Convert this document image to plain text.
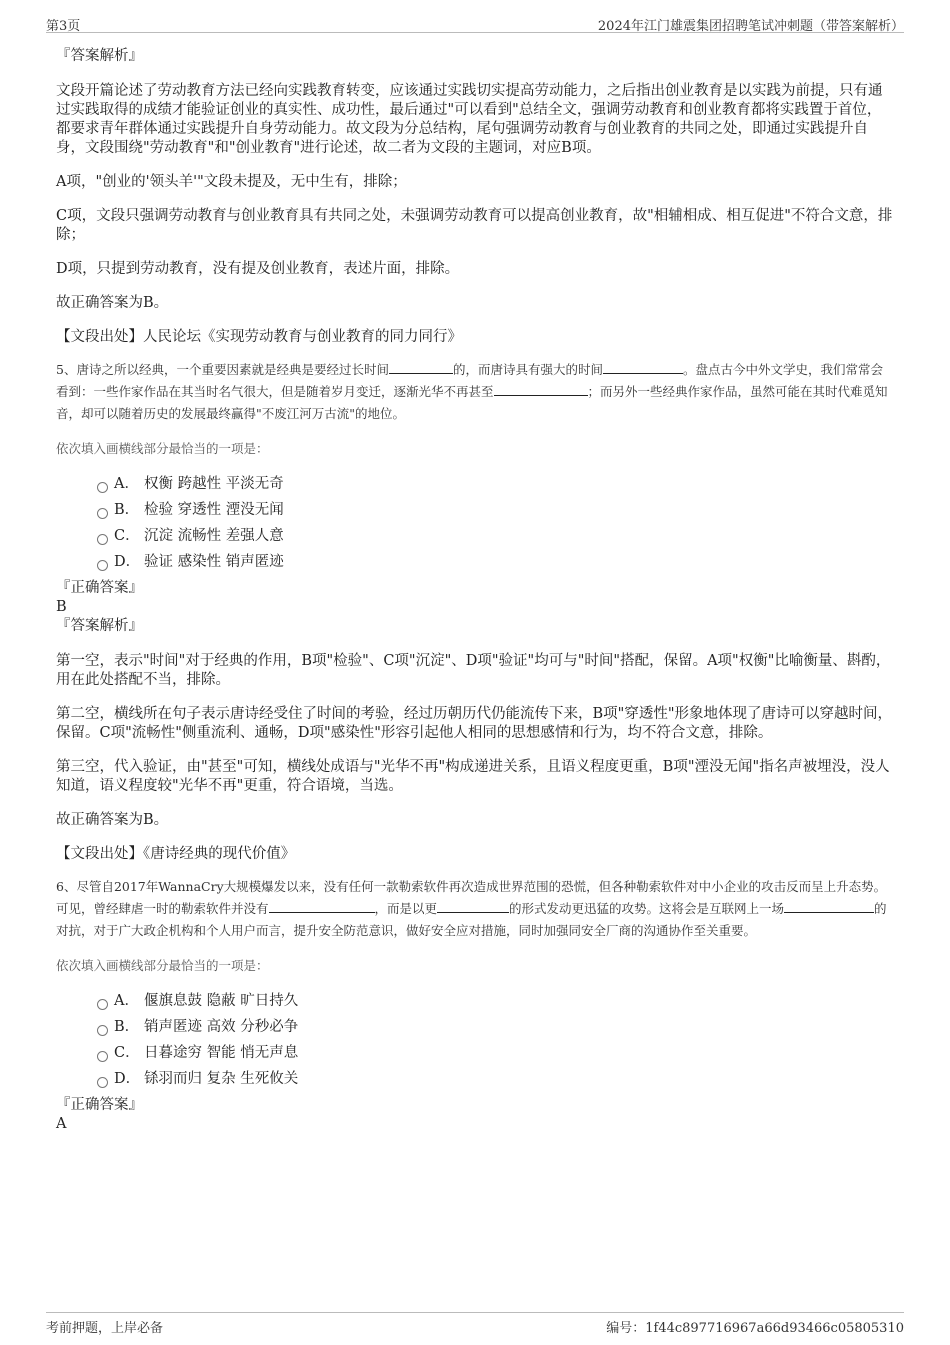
第3页	2024年江门雄震集团招聘笔试冲刺题（带答案解析）

『答案解析』

文段开篇论述了劳动教育方法已经向实践教育转变，应该通过实践切实提高劳动能力，之后指出创业教育是以实践为前提，只有通过实践取得的成绩才能验证创业的真实性、成功性，最后通过"可以看到"总结全文，强调劳动教育和创业教育都将实践置于首位，都要求青年群体通过实践提升自身劳动能力。故文段为分总结构，尾句强调劳动教育与创业教育的共同之处，即通过实践提升自身，文段围绕"劳动教育"和"创业教育"进行论述，故二者为文段的主题词，对应B项。

A项，"创业的'领头羊'"文段未提及，无中生有，排除；

C项，文段只强调劳动教育与创业教育具有共同之处，未强调劳动教育可以提高创业教育，故"相辅相成、相互促进"不符合文意，排除；

D项，只提到劳动教育，没有提及创业教育，表述片面，排除。

故正确答案为B。

【文段出处】人民论坛《实现劳动教育与创业教育的同力同行》

5、唐诗之所以经典，一个重要因素就是经典是要经过长时间	的，而唐诗具有强大的时间	。盘点古今中外文学史，我们常常会看到：一些作家作品在其当时名气很大，但是随着岁月变迁，逐渐光华不再甚至	；而另外一些经典作家作品，虽然可能在其时代难觅知音，却可以随着历史的发展最终赢得"不废江河万古流"的地位。

依次填入画横线部分最恰当的一项是：

A． 权衡 跨越性 平淡无奇
B． 检验 穿透性 湮没无闻
C． 沉淀 流畅性 差强人意
D． 验证 感染性 销声匿迹

『正确答案』

B

『答案解析』

第一空，表示"时间"对于经典的作用，B项"检验"、C项"沉淀"、D项"验证"均可与"时间"搭配，保留。A项"权衡"比喻衡量、斟酌，用在此处搭配不当，排除。

第二空，横线所在句子表示唐诗经受住了时间的考验，经过历朝历代仍能流传下来，B项"穿透性"形象地体现了唐诗可以穿越时间，保留。C项"流畅性"侧重流利、通畅，D项"感染性"形容引起他人相同的思想感情和行为，均不符合文意，排除。

第三空，代入验证，由"甚至"可知，横线处成语与"光华不再"构成递进关系，且语义程度更重，B项"湮没无闻"指名声被埋没，没人知道，语义程度较"光华不再"更重，符合语境，当选。

故正确答案为B。

【文段出处】《唐诗经典的现代价值》

6、尽管自2017年WannaCry大规模爆发以来，没有任何一款勒索软件再次造成世界范围的恐慌，但各种勒索软件对中小企业的攻击反而呈上升态势。可见，曾经肆虐一时的勒索软件并没有	，而是以更	的形式发动更迅猛的攻势。这将会是互联网上一场	的对抗，对于广大政企机构和个人用户而言，提升安全防范意识，做好安全应对措施，同时加强同安全厂商的沟通协作至关重要。

依次填入画横线部分最恰当的一项是：

A． 偃旗息鼓 隐蔽 旷日持久
B． 销声匿迹 高效 分秒必争
C． 日暮途穷 智能 悄无声息
D． 铩羽而归 复杂 生死攸关

『正确答案』

A

考前押题，上岸必备	编号：1f44c897716967a66d93466c05805310
